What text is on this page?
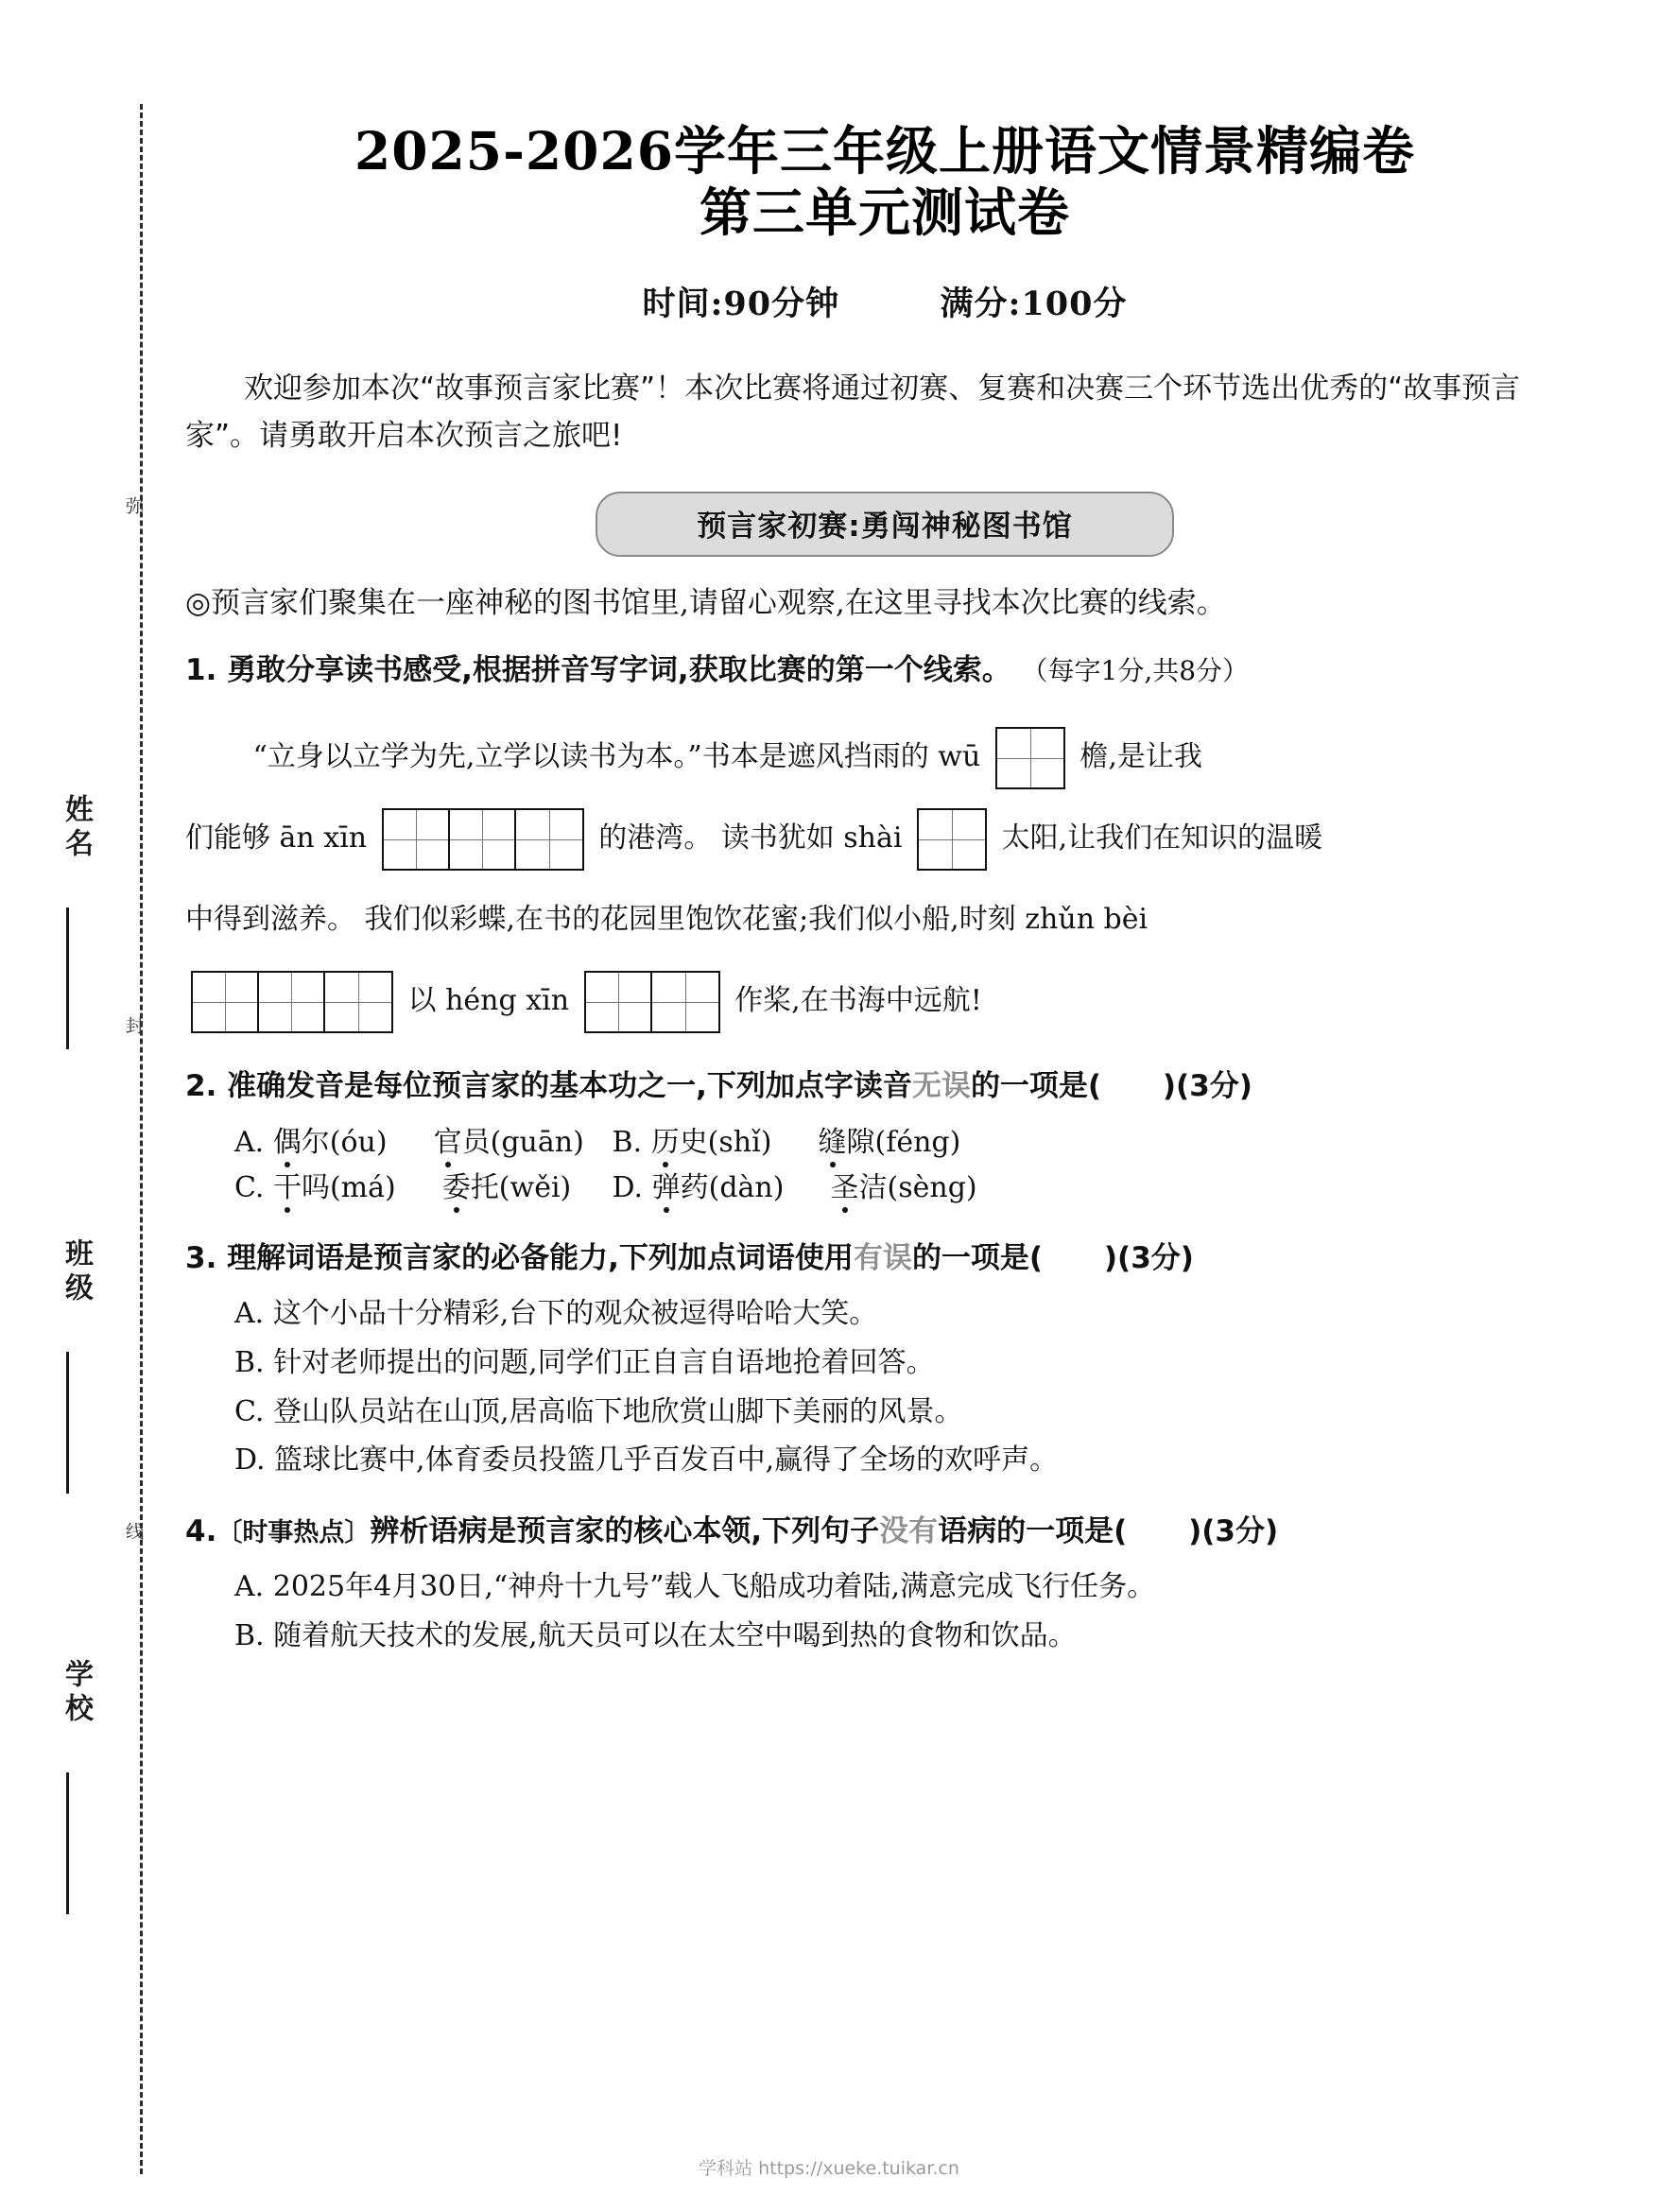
姓名
班级
学校
弥
封
线
2025-2026学年三年级上册语文情景精编卷
第三单元测试卷
时间:90分钟	满分:100分
欢迎参加本次“故事预言家比赛”！本次比赛将通过初赛、复赛和决赛三个环节选出优秀的“故事预言家”。请勇敢开启本次预言之旅吧!
预言家初赛:勇闯神秘图书馆
◎预言家们聚集在一座神秘的图书馆里,请留心观察,在这里寻找本次比赛的线索。
1. 勇敢分享读书感受,根据拼音写字词,获取比赛的第一个线索。 （每字1分,共8分）
“立身以立学为先,立学以读书为本。”书本是遮风挡雨的 wū	檐,是让我
们能够 ān xīn	的港湾。 读书犹如 shài	太阳,让我们在知识的温暖
中得到滋养。 我们似彩蝶,在书的花园里饱饮花蜜;我们似小船,时刻 zhǔn bèi
以 héng xīn	作桨,在书海中远航!
2. 准确发音是每位预言家的基本功之一,下列加点字读音无误的一项是( )(3分)
A. 偶尔(óu) 官员(guān) B. 历史(shǐ) 缝隙(féng)
C. 干吗(má) 委托(wěi) D. 弹药(dàn) 圣洁(sèng)
3. 理解词语是预言家的必备能力,下列加点词语使用有误的一项是( )(3分)
A. 这个小品十分精彩,台下的观众被逗得哈哈大笑。
B. 针对老师提出的问题,同学们正自言自语地抢着回答。
C. 登山队员站在山顶,居高临下地欣赏山脚下美丽的风景。
D. 篮球比赛中,体育委员投篮几乎百发百中,赢得了全场的欢呼声。
4.〔时事热点〕辨析语病是预言家的核心本领,下列句子没有语病的一项是( )(3分)
A. 2025年4月30日,“神舟十九号”载人飞船成功着陆,满意完成飞行任务。
B. 随着航天技术的发展,航天员可以在太空中喝到热的食物和饮品。
学科站 https://xueke.tuikar.cn
